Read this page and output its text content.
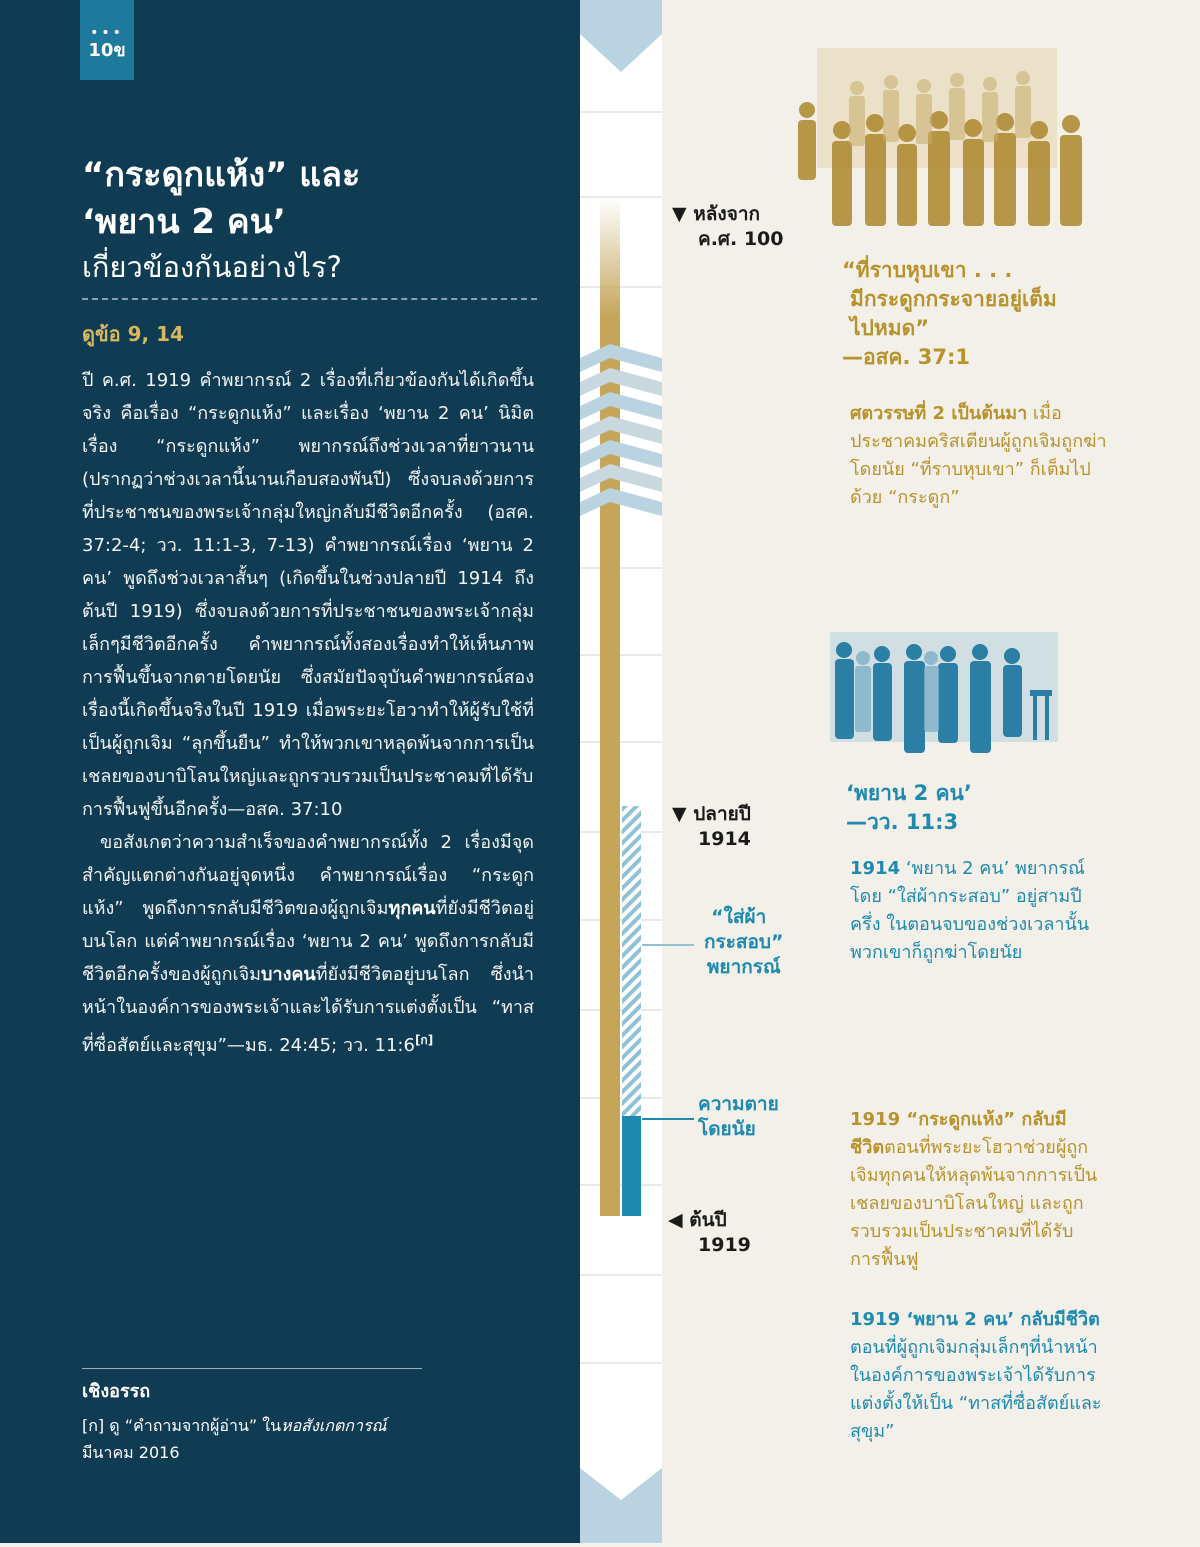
•••
10ข

“กระดูกแห้ง” และ

‘พยาน 2 คน’

เกี่ยวข้องกันอย่างไร?

ดูข้อ 9, 14

ปี ค.ศ. 1919 คำพยากรณ์ 2 เรื่องที่เกี่ยวข้องกันได้เกิดขึ้นจริง คือเรื่อง “กระดูกแห้ง” และเรื่อง ‘พยาน 2 คน’ นิมิตเรื่อง “กระดูกแห้ง” พยากรณ์ถึงช่วงเวลาที่ยาวนาน (ปรากฏว่าช่วงเวลานี้นานเกือบสองพันปี) ซึ่งจบลงด้วยการที่ประชาชนของพระเจ้ากลุ่มใหญ่กลับมีชีวิตอีกครั้ง (อสค. 37:2-4; วว. 11:1-3, 7-13) คำพยากรณ์เรื่อง ‘พยาน 2 คน’ พูดถึงช่วงเวลาสั้นๆ (เกิดขึ้นในช่วงปลายปี 1914 ถึงต้นปี 1919) ซึ่งจบลงด้วยการที่ประชาชนของพระเจ้ากลุ่มเล็กๆมีชีวิตอีกครั้ง คำพยากรณ์ทั้งสองเรื่องทำให้เห็นภาพการฟื้นขึ้นจากตายโดยนัย ซึ่งสมัยปัจจุบันคำพยากรณ์สองเรื่องนี้เกิดขึ้นจริงในปี 1919 เมื่อพระยะโฮวาทำให้ผู้รับใช้ที่เป็นผู้ถูกเจิม “ลุกขึ้นยืน” ทำให้พวกเขาหลุดพ้นจากการเป็นเชลยของบาบิโลนใหญ่และถูกรวบรวมเป็นประชาคมที่ได้รับการฟื้นฟูขึ้นอีกครั้ง—อสค. 37:10

ขอสังเกตว่าความสำเร็จของคำพยากรณ์ทั้ง 2 เรื่องมีจุดสำคัญแตกต่างกันอยู่จุดหนึ่ง คำพยากรณ์เรื่อง “กระดูกแห้ง” พูดถึงการกลับมีชีวิตของผู้ถูกเจิมทุกคนที่ยังมีชีวิตอยู่บนโลก แต่คำพยากรณ์เรื่อง ‘พยาน 2 คน’ พูดถึงการกลับมีชีวิตอีกครั้งของผู้ถูกเจิมบางคนที่ยังมีชีวิตอยู่บนโลก ซึ่งนำหน้าในองค์การของพระเจ้าและได้รับการแต่งตั้งเป็น “ทาสที่ซื่อสัตย์และสุขุม”—มธ. 24:45; วว. 11:6[ก]

เชิงอรรถ
[ก] ดู “คำถามจากผู้อ่าน” ในหอสังเกตการณ์
มีนาคม 2016
▼ หลังจาก
ค.ศ. 100
▼ ปลายปี
1914
◀ ต้นปี
1919
“ใส่ผ้า
กระสอบ”
พยากรณ์
ความตาย
โดยนัย
“ที่ราบหุบเขา . . .
มีกระดูกกระจายอยู่เต็ม
ไปหมด”
—อสค. 37:1
ศตวรรษที่ 2 เป็นต้นมา เมื่อประชาคมคริสเตียนผู้ถูกเจิมถูกฆ่าโดยนัย “ที่ราบหุบเขา” ก็เต็มไปด้วย “กระดูก”
‘พยาน 2 คน’
—วว. 11:3
1914 ‘พยาน 2 คน’ พยากรณ์โดย “ใส่ผ้ากระสอบ” อยู่สามปีครึ่ง ในตอนจบของช่วงเวลานั้นพวกเขาก็ถูกฆ่าโดยนัย
1919 “กระดูกแห้ง” กลับมีชีวิตตอนที่พระยะโฮวาช่วยผู้ถูกเจิมทุกคนให้หลุดพ้นจากการเป็นเชลยของบาบิโลนใหญ่ และถูกรวบรวมเป็นประชาคมที่ได้รับการฟื้นฟู
1919 ‘พยาน 2 คน’ กลับมีชีวิตตอนที่ผู้ถูกเจิมกลุ่มเล็กๆที่นำหน้าในองค์การของพระเจ้าได้รับการแต่งตั้งให้เป็น “ทาสที่ซื่อสัตย์และสุขุม”
